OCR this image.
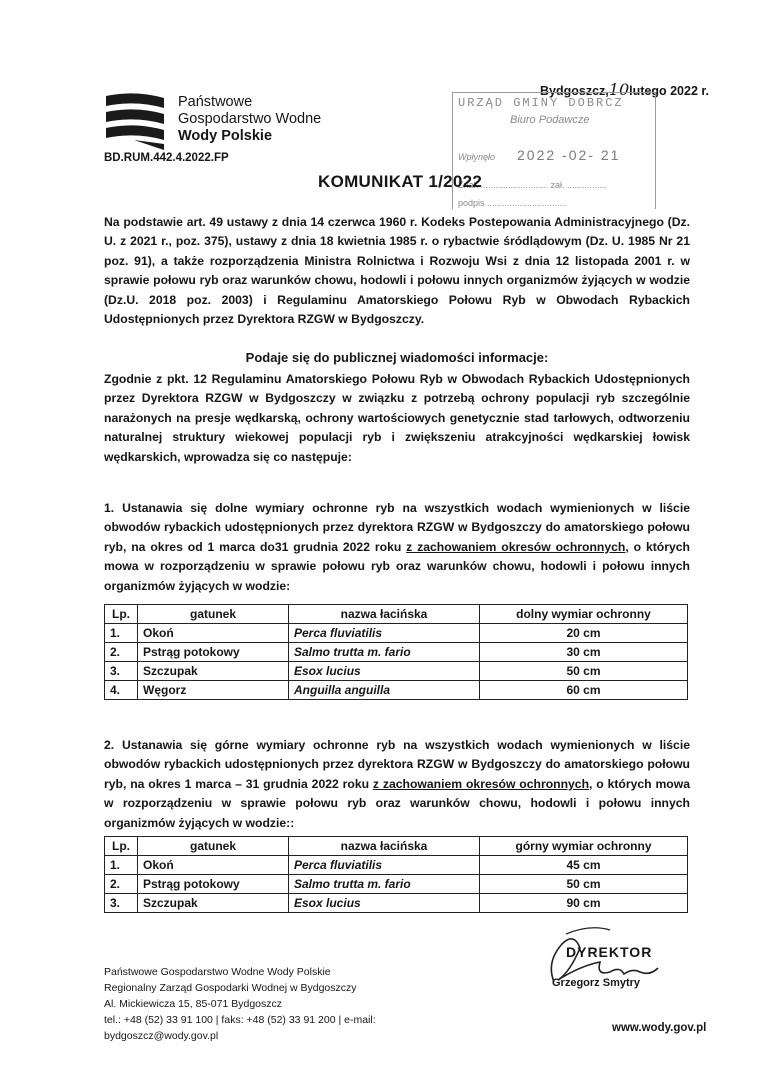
Państwowe
Gospodarstwo Wodne
Wody Polskie
BD.RUM.442.4.2022.FP
Bydgoszcz,10lutego 2022 r.
URZĄD GMINY DOBRCZ
Biuro Podawcze
Wpłynęło 2022 -02- 21
Znak ........................... zał. ................
podpis ................................
KOMUNIKAT 1/2022
Na podstawie art. 49 ustawy z dnia 14 czerwca 1960 r. Kodeks Postepowania Administracyjnego (Dz. U. z 2021 r., poz. 375), ustawy z dnia 18 kwietnia 1985 r. o rybactwie śródlądowym (Dz. U. 1985 Nr 21 poz. 91), a także rozporządzenia Ministra Rolnictwa i Rozwoju Wsi z dnia 12 listopada 2001 r. w sprawie połowu ryb oraz warunków chowu, hodowli i połowu innych organizmów żyjących w wodzie (Dz.U. 2018 poz. 2003) i Regulaminu Amatorskiego Połowu Ryb w Obwodach Rybackich Udostępnionych przez Dyrektora RZGW w Bydgoszczy.
Podaje się do publicznej wiadomości informacje:
Zgodnie z pkt. 12 Regulaminu Amatorskiego Połowu Ryb w Obwodach Rybackich Udostępnionych przez Dyrektora RZGW w Bydgoszczy w związku z potrzebą ochrony populacji ryb szczególnie narażonych na presje wędkarską, ochrony wartościowych genetycznie stad tarłowych, odtworzeniu naturalnej struktury wiekowej populacji ryb i zwiększeniu atrakcyjności wędkarskiej łowisk wędkarskich, wprowadza się co następuje:
1. Ustanawia się dolne wymiary ochronne ryb na wszystkich wodach wymienionych w liście obwodów rybackich udostępnionych przez dyrektora RZGW w Bydgoszczy do amatorskiego połowu ryb, na okres od 1 marca do31 grudnia 2022 roku z zachowaniem okresów ochronnych, o których mowa w rozporządzeniu w sprawie połowu ryb oraz warunków chowu, hodowli i połowu innych organizmów żyjących w wodzie:
Lp.	gatunek	nazwa łacińska	dolny wymiar ochronny
1.	Okoń	Perca fluviatilis	20 cm
2.	Pstrąg potokowy	Salmo trutta m. fario	30 cm
3.	Szczupak	Esox lucius	50 cm
4.	Węgorz	Anguilla anguilla	60 cm
2. Ustanawia się górne wymiary ochronne ryb na wszystkich wodach wymienionych w liście obwodów rybackich udostępnionych przez dyrektora RZGW w Bydgoszczy do amatorskiego połowu ryb, na okres 1 marca – 31 grudnia 2022 roku z zachowaniem okresów ochronnych, o których mowa w rozporządzeniu w sprawie połowu ryb oraz warunków chowu, hodowli i połowu innych organizmów żyjących w wodzie::
Lp.	gatunek	nazwa łacińska	górny wymiar ochronny
1.	Okoń	Perca fluviatilis	45 cm
2.	Pstrąg potokowy	Salmo trutta m. fario	50 cm
3.	Szczupak	Esox lucius	90 cm
DYREKTOR
Grzegorz Smytry
Państwowe Gospodarstwo Wodne Wody Polskie
Regionalny Zarząd Gospodarki Wodnej w Bydgoszczy
Al. Mickiewicza 15, 85-071 Bydgoszcz
tel.: +48 (52) 33 91 100 | faks: +48 (52) 33 91 200 | e-mail:
bydgoszcz@wody.gov.pl
www.wody.gov.pl
